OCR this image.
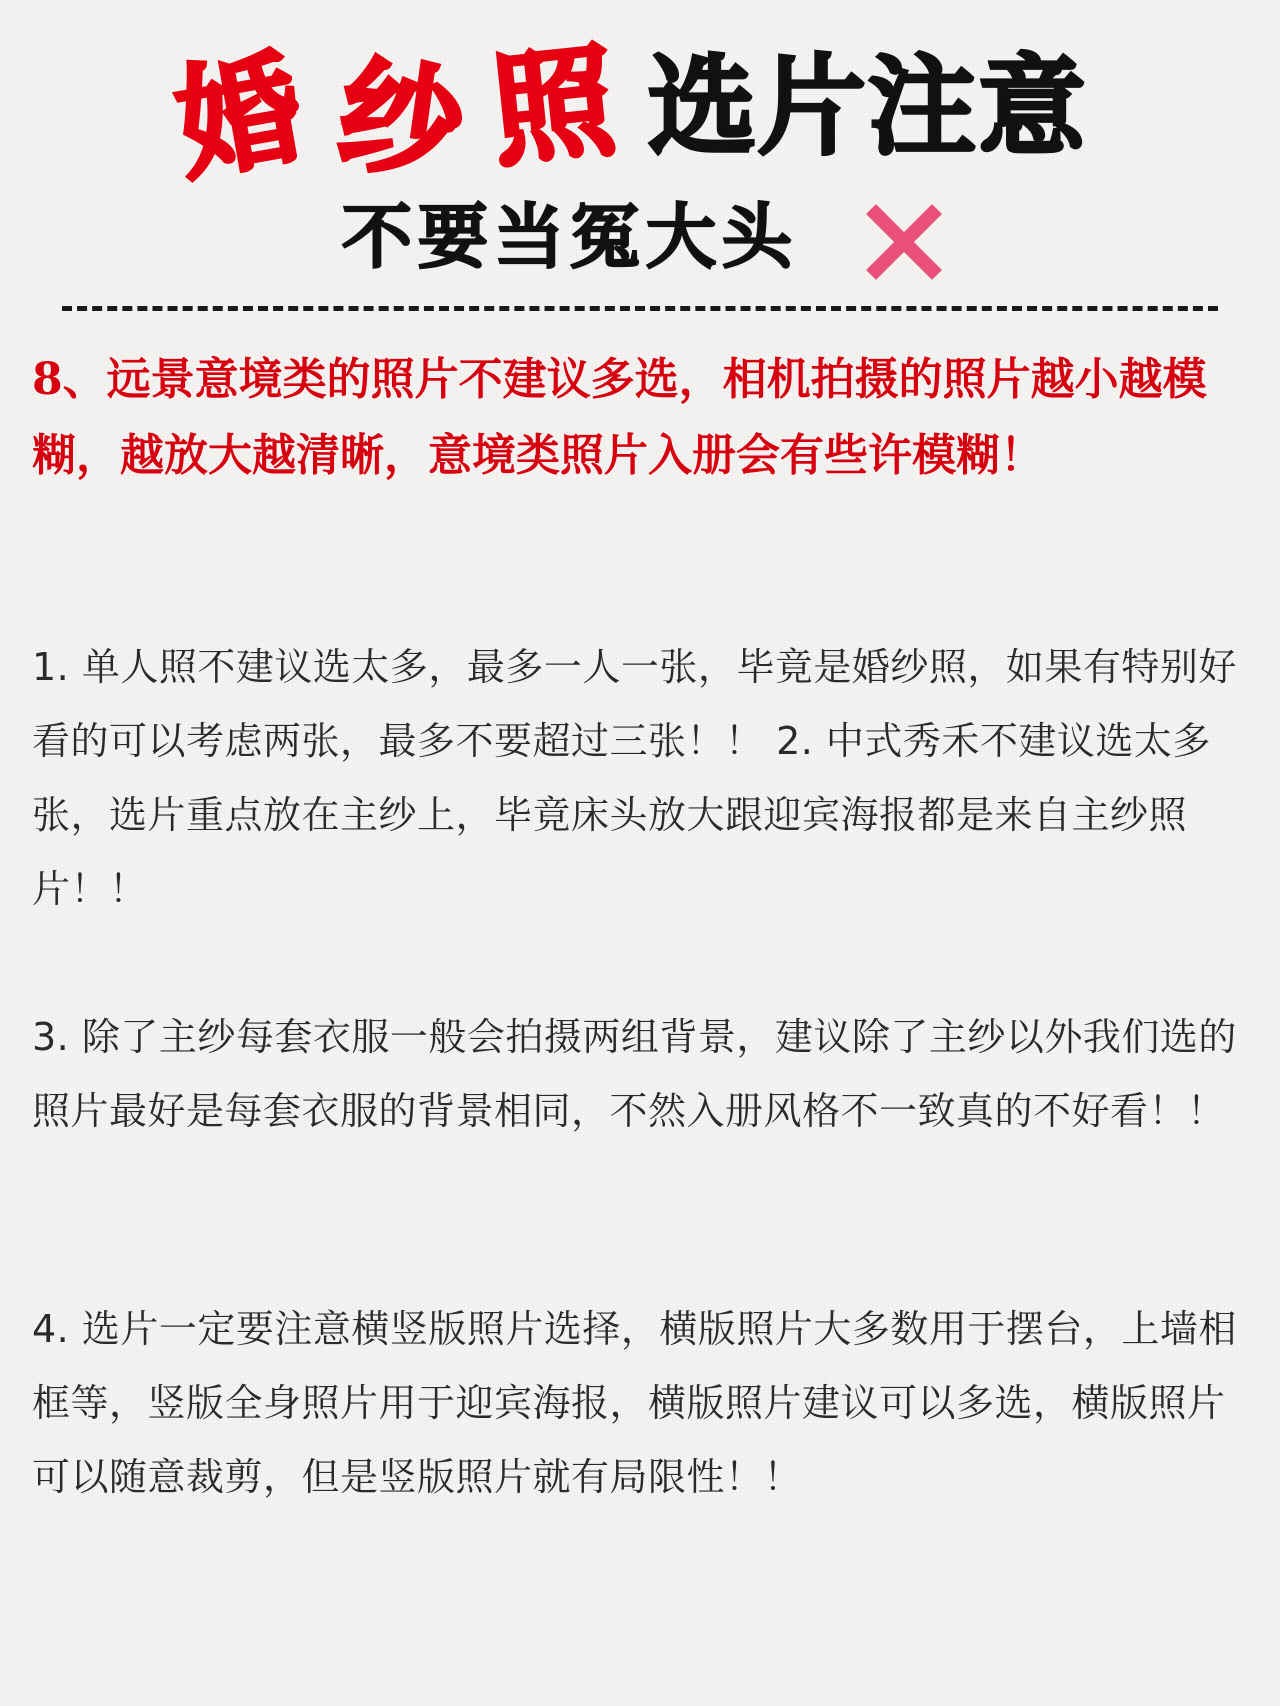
婚 纱 照 选片注意
不要当冤大头
8、远景意境类的照片不建议多选，相机拍摄的照片越小越模糊，越放大越清晰，意境类照片入册会有些许模糊！
1. 单人照不建议选太多，最多一人一张，毕竟是婚纱照，如果有特别好看的可以考虑两张，最多不要超过三张！！ 2. 中式秀禾不建议选太多张，选片重点放在主纱上，毕竟床头放大跟迎宾海报都是来自主纱照片！！
3. 除了主纱每套衣服一般会拍摄两组背景，建议除了主纱以外我们选的照片最好是每套衣服的背景相同，不然入册风格不一致真的不好看！！
4. 选片一定要注意横竖版照片选择，横版照片大多数用于摆台，上墙相框等，竖版全身照片用于迎宾海报，横版照片建议可以多选，横版照片可以随意裁剪，但是竖版照片就有局限性！！
